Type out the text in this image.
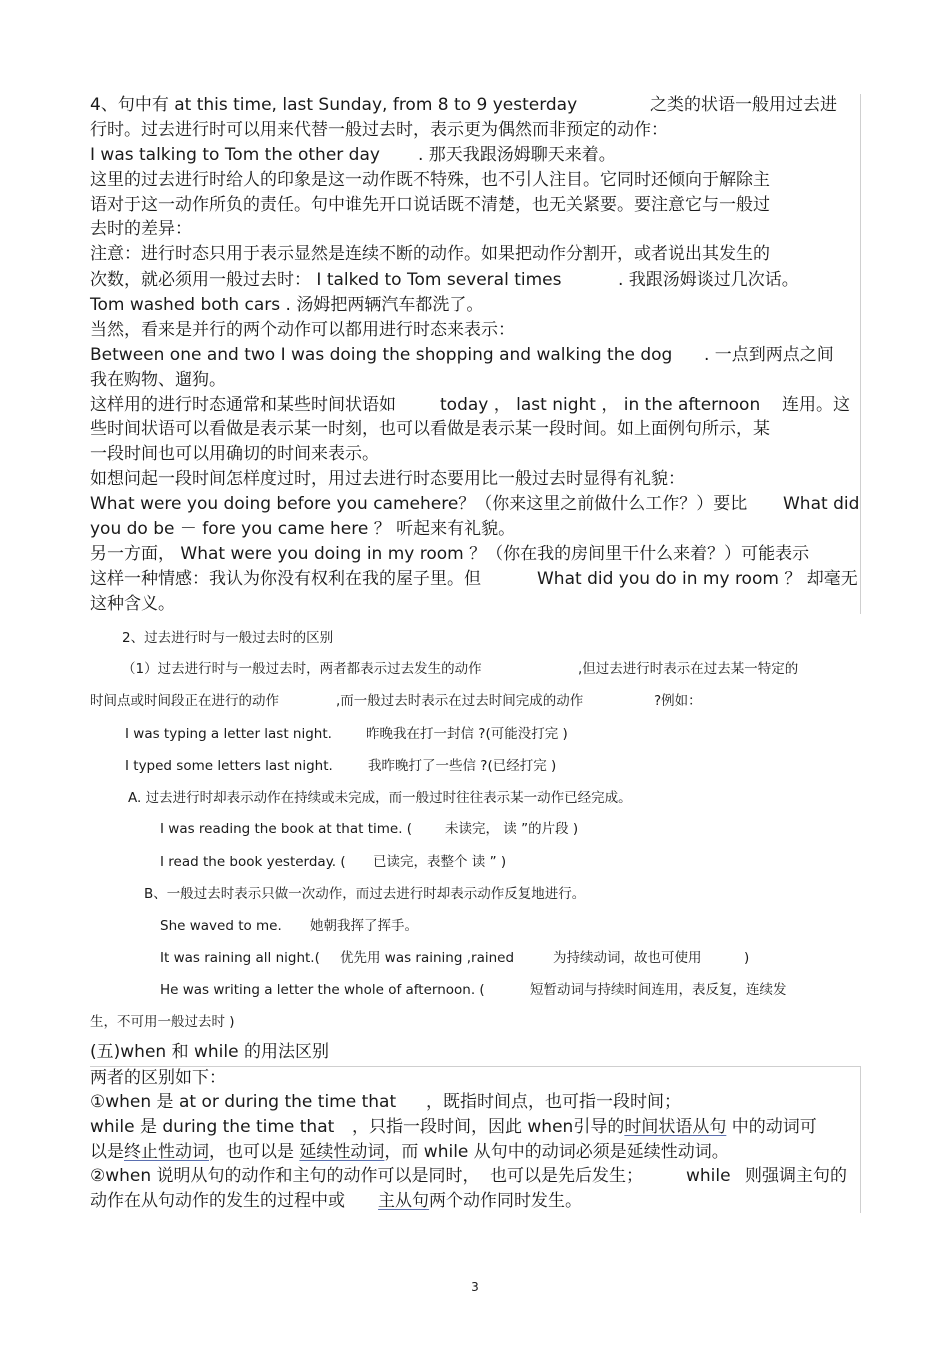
4、句中有 at this time, last Sunday, from 8 to 9 yesterday	之类的状语一般用过去进
行时。过去进行时可以用来代替一般过去时，表示更为偶然而非预定的动作：
I was talking to Tom the other day . 那天我跟汤姆聊天来着。
这里的过去进行时给人的印象是这一动作既不特殊，也不引人注目。它同时还倾向于解除主
语对于这一动作所负的责任。句中谁先开口说话既不清楚，也无关紧要。要注意它与一般过
去时的差异：
注意：进行时态只用于表示显然是连续不断的动作。如果把动作分割开，或者说出其发生的
次数，就必须用一般过去时： I talked to Tom several times	. 我跟汤姆谈过几次话。
Tom washed both cars . 汤姆把两辆汽车都洗了。
当然，看来是并行的两个动作可以都用进行时态来表示：
Between one and two I was doing the shopping and walking the dog . 一点到两点之间
我在购物、遛狗。
这样用的进行时态通常和某些时间状语如	today ， last night ， in the afternoon 连用。这
些时间状语可以看做是表示某一时刻，也可以看做是表示某一段时间。如上面例句所示，某
一段时间也可以用确切的时间来表示。
如想问起一段时间怎样度过时，用过去进行时态要用比一般过去时显得有礼貌：
What were you doing before you camehere？（你来这里之前做什么工作？）要比 What did
you do be － fore you came here ？ 听起来有礼貌。
另一方面， What were you doing in my room ？（你在我的房间里干什么来着？）可能表示
这样一种情感：我认为你没有权利在我的屋子里。但	What did you do in my room ？ 却毫无
这种含义。
2、过去进行时与一般过去时的区别
（1）过去进行时与一般过去时，两者都表示过去发生的动作	,但过去进行时表示在过去某一特定的
时间点或时间段正在进行的动作	,而一般过去时表示在过去时间完成的动作	?例如：
I was typing a letter last night.	昨晚我在打一封信 ?(可能没打完 )
I typed some letters last night.	我昨晚打了一些信 ?(已经打完 )
A. 过去进行时却表示动作在持续或未完成，而一般过时往往表示某一动作已经完成。
I was reading the book at that time. ( 未读完， 读 ”的片段 )
I read the book yesterday. ( 已读完，表整个 读 ” )
B、一般过去时表示只做一次动作，而过去进行时却表示动作反复地进行。
She waved to me. 她朝我挥了挥手。
It was raining all night.( 优先用 was raining ,rained	为持续动词，故也可使用	)
He was writing a letter the whole of afternoon. (	短暂动词与持续时间连用，表反复，连续发
生，不可用一般过去时 )
(五)when 和 while 的用法区别
两者的区别如下：
①when 是 at or during the time that ，既指时间点，也可指一段时间；
while 是 during the time that ，只指一段时间，因此 when引导的时间状语从句 中的动词可
以是终止性动词，也可以是 延续性动词，而 while 从句中的动词必须是延续性动词。
②when 说明从句的动作和主句的动作可以是同时， 也可以是先后发生；	while 则强调主句的
动作在从句动作的发生的过程中或 主从句两个动作同时发生。
3
